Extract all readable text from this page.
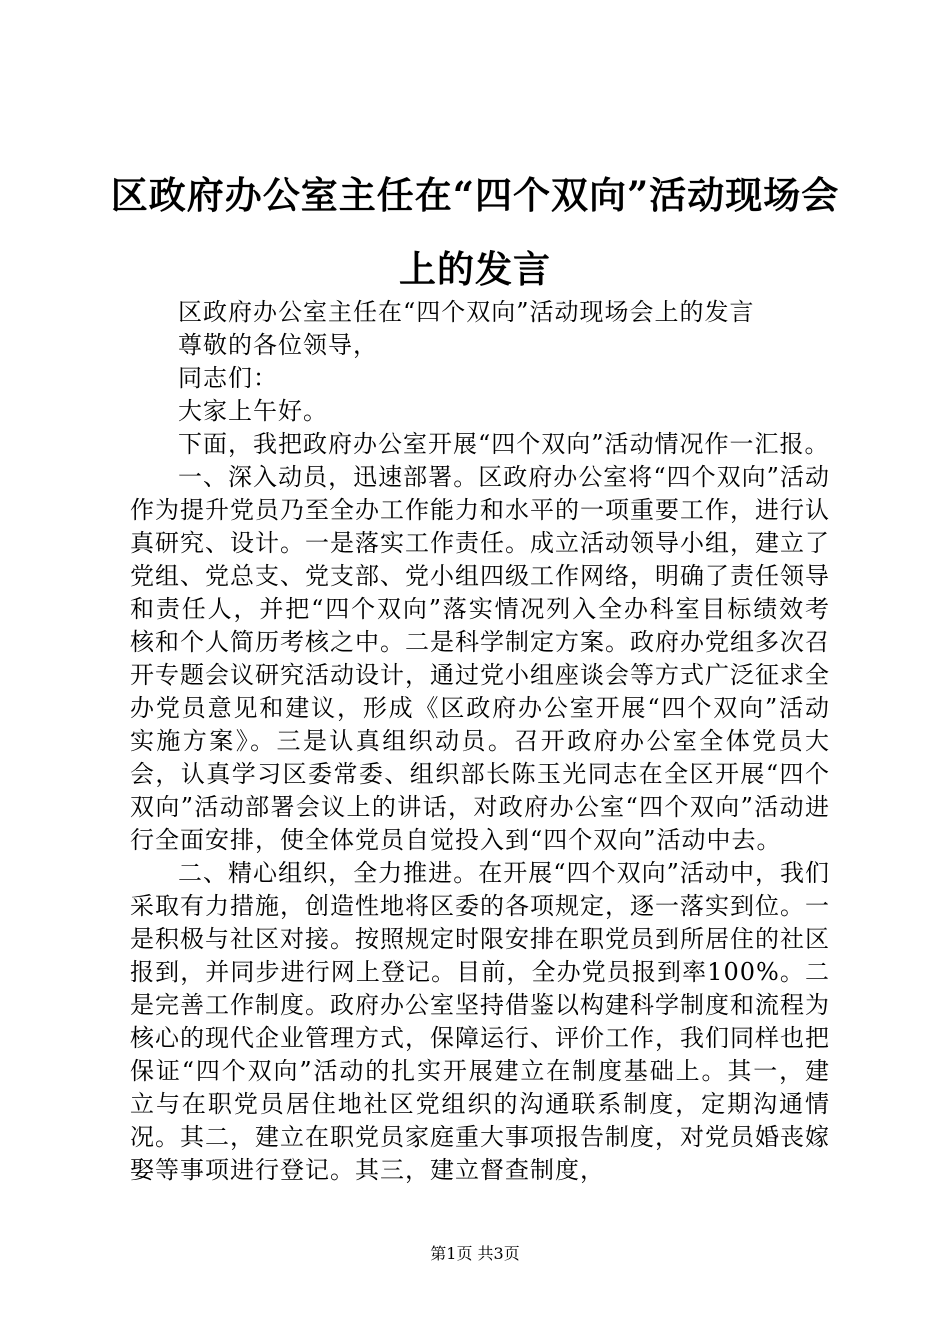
区政府办公室主任在“四个双向”活动现场会上的发言

区政府办公室主任在“四个双向”活动现场会上的发言

尊敬的各位领导，

同志们：

大家上午好。

下面，我把政府办公室开展“四个双向”活动情况作一汇报。

一、深入动员，迅速部署。区政府办公室将“四个双向”活动作为提升党员乃至全办工作能力和水平的一项重要工作，进行认真研究、设计。一是落实工作责任。成立活动领导小组，建立了党组、党总支、党支部、党小组四级工作网络，明确了责任领导和责任人，并把“四个双向”落实情况列入全办科室目标绩效考核和个人简历考核之中。二是科学制定方案。政府办党组多次召开专题会议研究活动设计，通过党小组座谈会等方式广泛征求全办党员意见和建议，形成《区政府办公室开展“四个双向”活动实施方案》。三是认真组织动员。召开政府办公室全体党员大会，认真学习区委常委、组织部长陈玉光同志在全区开展“四个双向”活动部署会议上的讲话，对政府办公室“四个双向”活动进行全面安排，使全体党员自觉投入到“四个双向”活动中去。

二、精心组织，全力推进。在开展“四个双向”活动中，我们采取有力措施，创造性地将区委的各项规定，逐一落实到位。一是积极与社区对接。按照规定时限安排在职党员到所居住的社区报到，并同步进行网上登记。目前，全办党员报到率100%。二是完善工作制度。政府办公室坚持借鉴以构建科学制度和流程为核心的现代企业管理方式，保障运行、评价工作，我们同样也把保证“四个双向”活动的扎实开展建立在制度基础上。其一，建立与在职党员居住地社区党组织的沟通联系制度，定期沟通情况。其二，建立在职党员家庭重大事项报告制度，对党员婚丧嫁娶等事项进行登记。其三，建立督查制度，

第1页 共3页
